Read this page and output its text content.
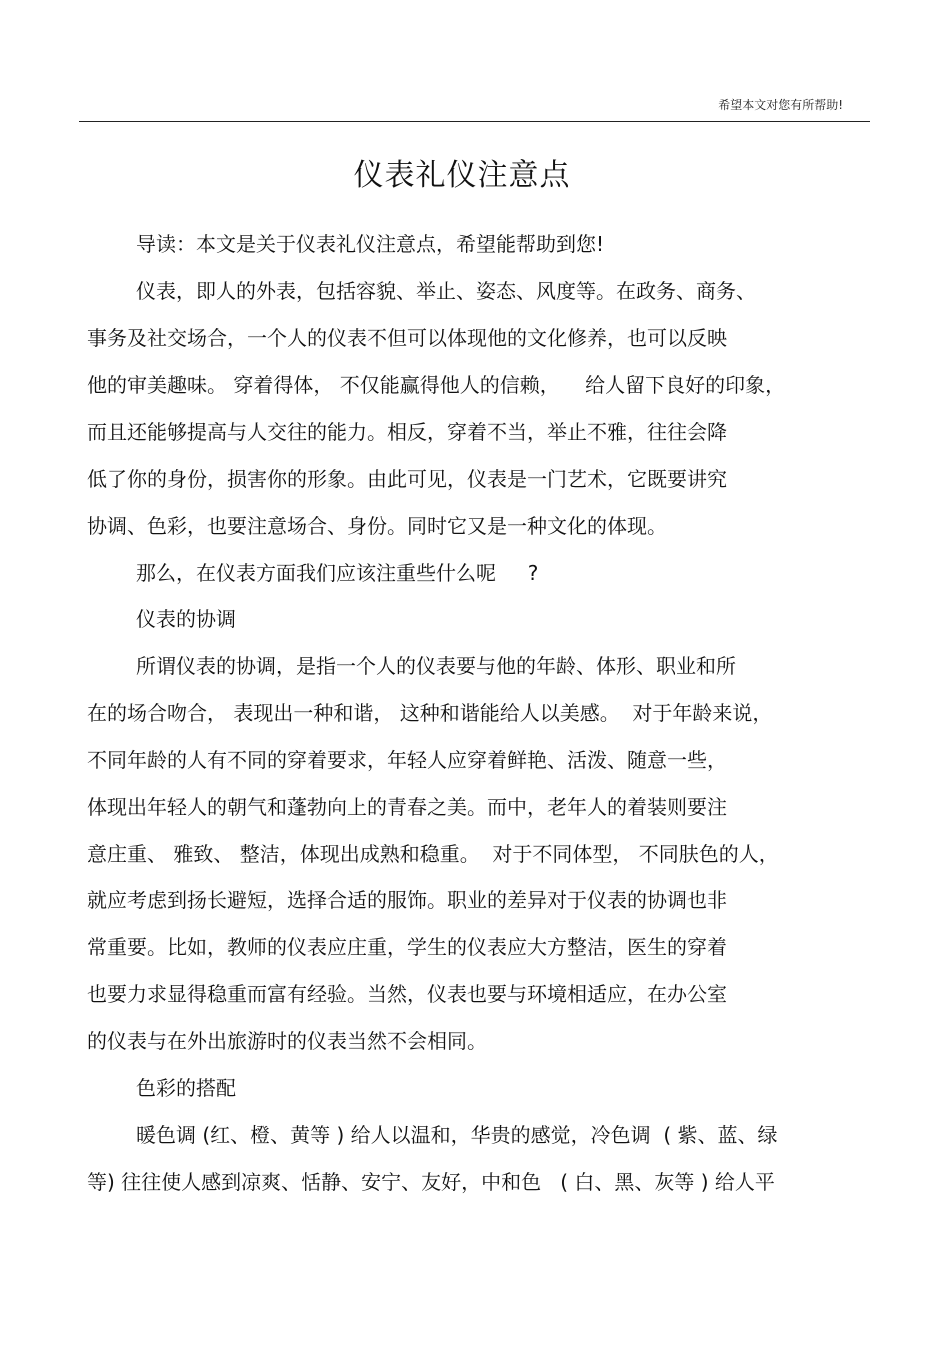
希望本文对您有所帮助!
仪表礼仪注意点
导读：本文是关于仪表礼仪注意点，希望能帮助到您!
仪表，即人的外表，包括容貌、举止、姿态、风度等。在政务、商务、
事务及社交场合，一个人的仪表不但可以体现他的文化修养，也可以反映
他的审美趣味。 穿着得体， 不仅能赢得他人的信赖，    给人留下良好的印象，
而且还能够提高与人交往的能力。相反，穿着不当，举止不雅，往往会降
低了你的身份，损害你的形象。由此可见，仪表是一门艺术，它既要讲究
协调、色彩，也要注意场合、身份。同时它又是一种文化的体现。
那么，在仪表方面我们应该注重些什么呢     ?
仪表的协调
所谓仪表的协调，是指一个人的仪表要与他的年龄、体形、职业和所
在的场合吻合， 表现出一种和谐， 这种和谐能给人以美感。  对于年龄来说，
不同年龄的人有不同的穿着要求，年轻人应穿着鲜艳、活泼、随意一些，
体现出年轻人的朝气和蓬勃向上的青春之美。而中，老年人的着装则要注
意庄重、 雅致、 整洁，体现出成熟和稳重。  对于不同体型， 不同肤色的人，
就应考虑到扬长避短，选择合适的服饰。职业的差异对于仪表的协调也非
常重要。比如，教师的仪表应庄重，学生的仪表应大方整洁，医生的穿着
也要力求显得稳重而富有经验。当然，仪表也要与环境相适应，在办公室
的仪表与在外出旅游时的仪表当然不会相同。
色彩的搭配
暖色调 (红、橙、黄等 ) 给人以温和，华贵的感觉，冷色调  ( 紫、蓝、绿
等) 往往使人感到凉爽、恬静、安宁、友好，中和色   ( 白、黑、灰等 ) 给人平
